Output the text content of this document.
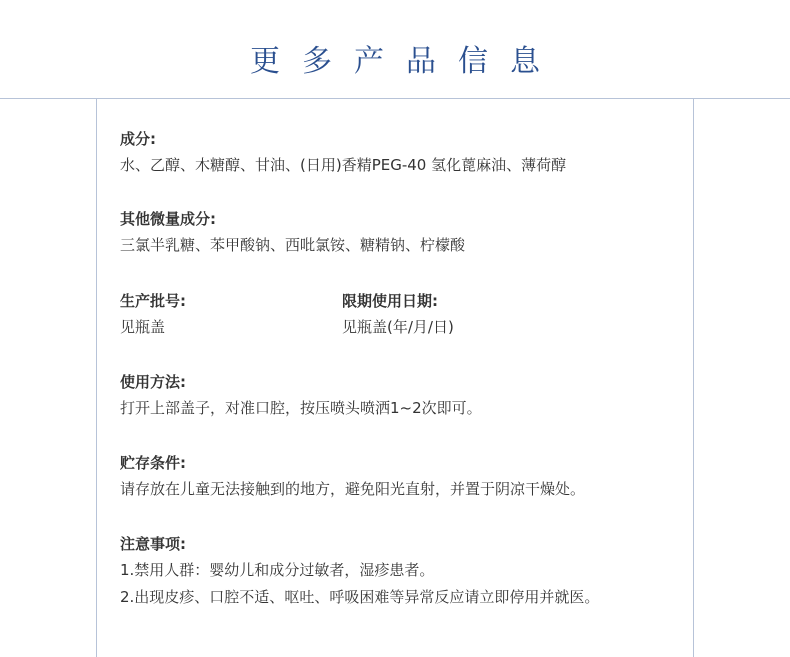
更多产品信息
成分:
水、乙醇、木糖醇、甘油、(日用)香精PEG-40 氢化蓖麻油、薄荷醇
其他微量成分:
三氯半乳糖、苯甲酸钠、西吡氯铵、糖精钠、柠檬酸
生产批号:
见瓶盖
限期使用日期:
见瓶盖(年/月/日)
使用方法:
打开上部盖子，对准口腔，按压喷头喷洒1~2次即可。
贮存条件:
请存放在儿童无法接触到的地方，避免阳光直射，并置于阴凉干燥处。
注意事项:
1.禁用人群：婴幼儿和成分过敏者，湿疹患者。
2.出现皮疹、口腔不适、呕吐、呼吸困难等异常反应请立即停用并就医。
